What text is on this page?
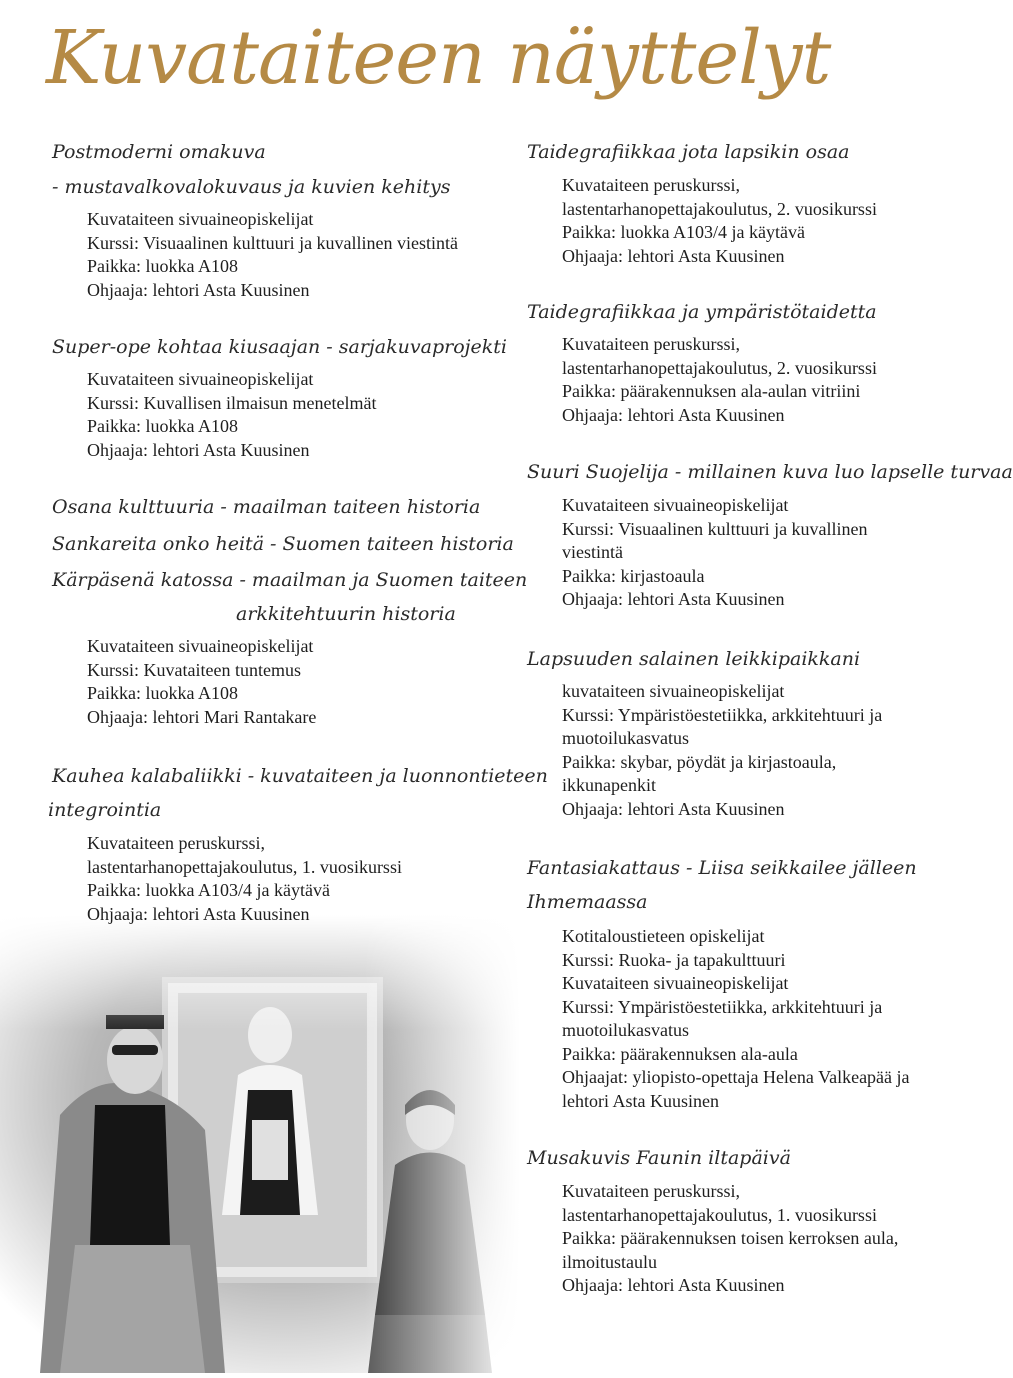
Kuvataiteen näyttelyt
Postmoderni omakuva
- mustavalkovalokuvaus ja kuvien kehitys
Kuvataiteen sivuaineopiskelijat
Kurssi: Visuaalinen kulttuuri ja kuvallinen viestintä
Paikka: luokka A108
Ohjaaja: lehtori Asta Kuusinen
Super-ope kohtaa kiusaajan - sarjakuvaprojekti
Kuvataiteen sivuaineopiskelijat
Kurssi: Kuvallisen ilmaisun menetelmät
Paikka: luokka A108
Ohjaaja: lehtori Asta Kuusinen
Osana kulttuuria - maailman taiteen historia
Sankareita onko heitä - Suomen taiteen historia
Kärpäsenä katossa - maailman ja Suomen taiteen
arkkitehtuurin historia
Kuvataiteen sivuaineopiskelijat
Kurssi: Kuvataiteen tuntemus
Paikka: luokka A108
Ohjaaja: lehtori Mari Rantakare
Kauhea kalabaliikki - kuvataiteen ja luonnontieteen
integrointia
Kuvataiteen peruskurssi,
lastentarhanopettajakoulutus, 1. vuosikurssi
Paikka: luokka A103/4 ja käytävä
Ohjaaja: lehtori Asta Kuusinen
Taidegrafiikkaa jota lapsikin osaa
Kuvataiteen peruskurssi,
lastentarhanopettajakoulutus, 2. vuosikurssi
Paikka: luokka A103/4 ja käytävä
Ohjaaja: lehtori Asta Kuusinen
Taidegrafiikkaa ja ympäristötaidetta
Kuvataiteen peruskurssi,
lastentarhanopettajakoulutus, 2. vuosikurssi
Paikka: päärakennuksen ala-aulan vitriini
Ohjaaja: lehtori Asta Kuusinen
Suuri Suojelija - millainen kuva luo lapselle turvaa
Kuvataiteen sivuaineopiskelijat
Kurssi: Visuaalinen kulttuuri ja kuvallinen
viestintä
Paikka: kirjastoaula
Ohjaaja: lehtori Asta Kuusinen
Lapsuuden salainen leikkipaikkani
kuvataiteen sivuaineopiskelijat
Kurssi: Ympäristöestetiikka, arkkitehtuuri ja
muotoilukasvatus
Paikka: skybar, pöydät ja kirjastoaula,
ikkunapenkit
Ohjaaja: lehtori Asta Kuusinen
Fantasiakattaus - Liisa seikkailee jälleen
Ihmemaassa
Kotitaloustieteen opiskelijat
Kurssi: Ruoka- ja tapakulttuuri
Kuvataiteen sivuaineopiskelijat
Kurssi: Ympäristöestetiikka, arkkitehtuuri ja
muotoilukasvatus
Paikka: päärakennuksen ala-aula
Ohjaajat: yliopisto-opettaja Helena Valkeapää ja
lehtori Asta Kuusinen
Musakuvis Faunin iltapäivä
Kuvataiteen peruskurssi,
lastentarhanopettajakoulutus, 1. vuosikurssi
Paikka: päärakennuksen toisen kerroksen aula,
ilmoitustaulu
Ohjaaja: lehtori Asta Kuusinen
